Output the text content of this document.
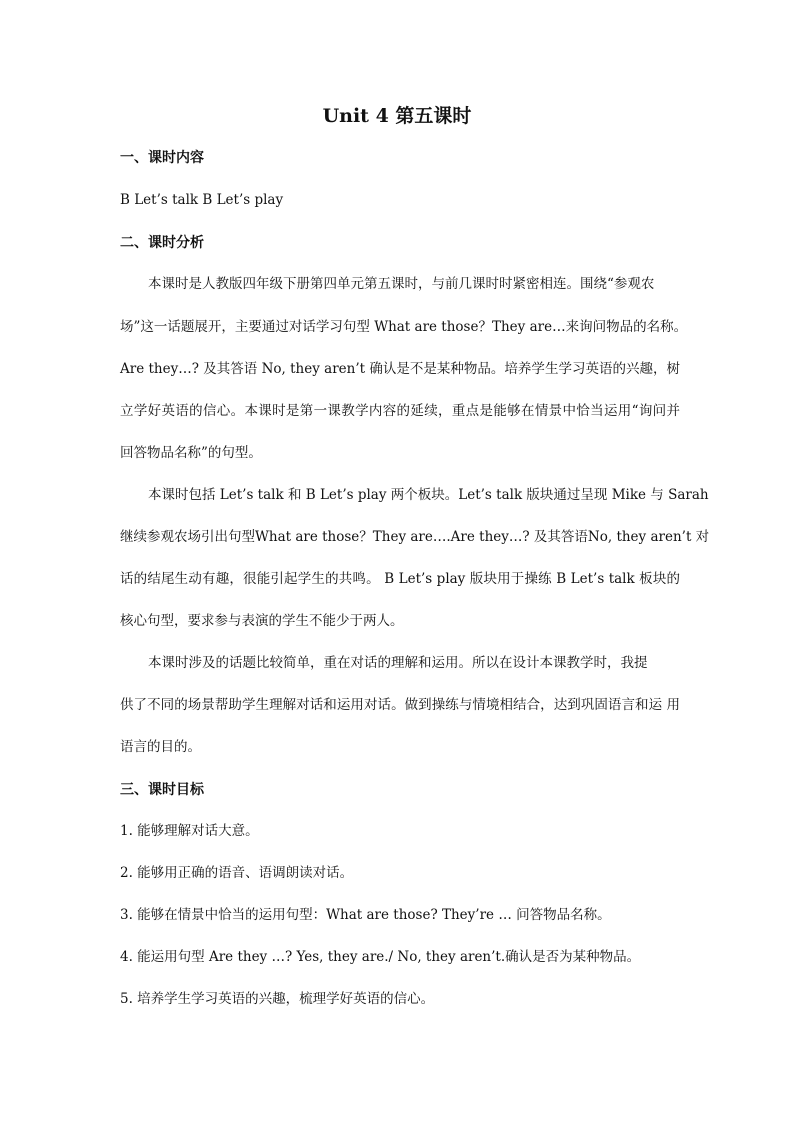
Unit 4 第五课时
一、课时内容
B Let’s talk B Let’s play
二、课时分析
本课时是人教版四年级下册第四单元第五课时，与前几课时时紧密相连。围绕“参观农
场”这一话题展开，主要通过对话学习句型 What are those？They are…来询问物品的名称。
Are they…? 及其答语 No, they aren’t 确认是不是某种物品。培养学生学习英语的兴趣，树
立学好英语的信心。本课时是第一课教学内容的延续，重点是能够在情景中恰当运用“询问并
回答物品名称”的句型。
本课时包括 Let’s talk 和 B Let’s play 两个板块。Let’s talk 版块通过呈现 Mike 与 Sarah
继续参观农场引出句型What are those？They are….Are they…? 及其答语No, they aren’t 对
话的结尾生动有趣，很能引起学生的共鸣。 B Let’s play 版块用于操练 B Let’s talk 板块的
核心句型，要求参与表演的学生不能少于两人。
本课时涉及的话题比较简单，重在对话的理解和运用。所以在设计本课教学时，我提
供了不同的场景帮助学生理解对话和运用对话。做到操练与情境相结合，达到巩固语言和运 用
语言的目的。
三、课时目标
1. 能够理解对话大意。
2. 能够用正确的语音、语调朗读对话。
3. 能够在情景中恰当的运用句型：What are those? They’re … 问答物品名称。
4. 能运用句型 Are they …? Yes, they are./ No, they aren’t.确认是否为某种物品。
5. 培养学生学习英语的兴趣，梳理学好英语的信心。
